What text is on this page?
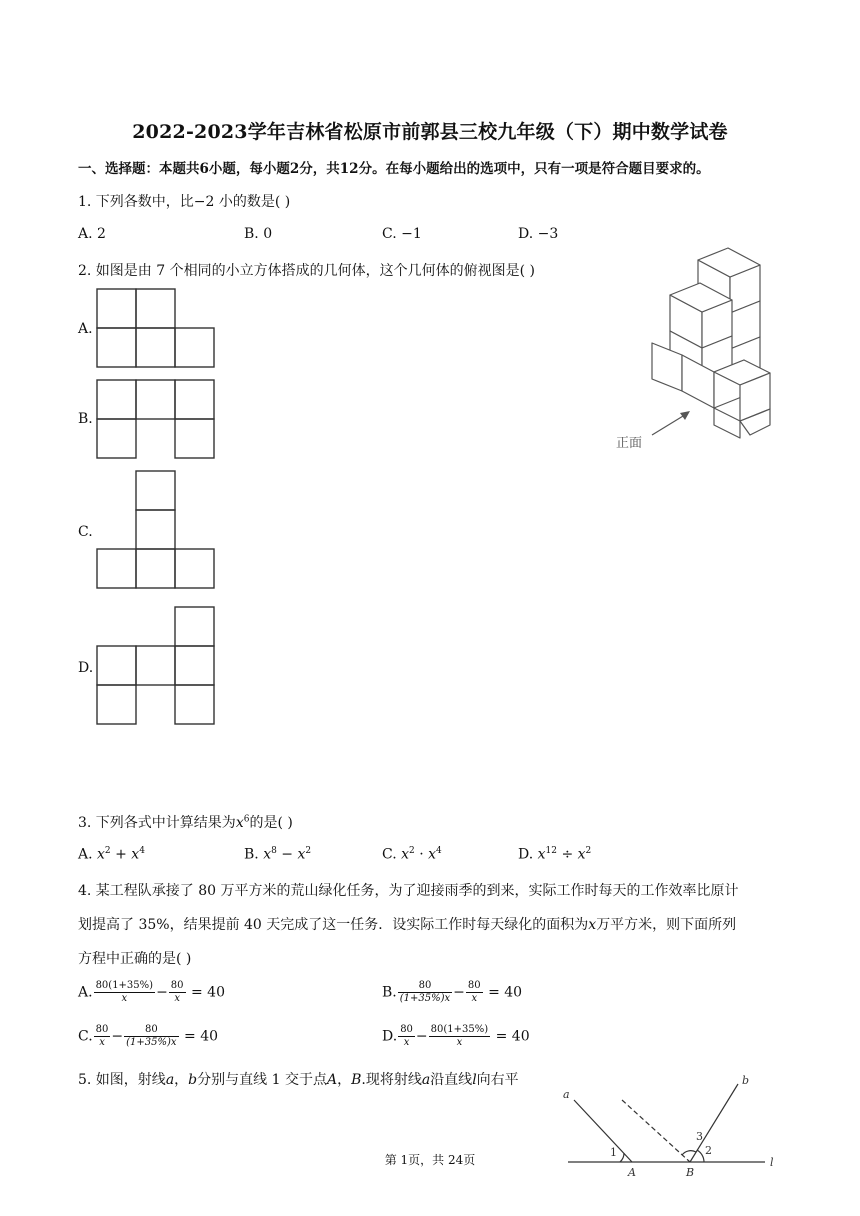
2022-2023学年吉林省松原市前郭县三校九年级（下）期中数学试卷
一、选择题：本题共6小题，每小题2分，共12分。在每小题给出的选项中，只有一项是符合题目要求的。
1. 下列各数中，比−2 小的数是( )
A. 2	B. 0	C. −1	D. −3
2. 如图是由 7 个相同的小立方体搭成的几何体，这个几何体的俯视图是( )
A.
B.
C.
D.
正面
3. 下列各式中计算结果为$x^6$的是( )
A. $x^2 + x^4$	B. $x^8 - x^2$	C. $x^2 \cdot x^4$	D. $x^{12} \div x^2$
4. 某工程队承接了 80 万平方米的荒山绿化任务，为了迎接雨季的到来，实际工作时每天的工作效率比原计
划提高了 35%，结果提前 40 天完成了这一任务．设实际工作时每天绿化的面积为x万平方米，则下面所列
方程中正确的是( )
A. $\frac{80(1+35\%)}{x} - \frac{80}{x} = 40$	B. $\frac{80}{(1+35\%)x} - \frac{80}{x} = 40$
C. $\frac{80}{x} - \frac{80}{(1+35\%)x} = 40$	D. $\frac{80}{x} - \frac{80(1+35\%)}{x} = 40$
5. 如图，射线a，b分别与直线 1 交于点A，B.现将射线a沿直线l向右平
a
b
1	2
3
A	B
l
第 1页，共 24页
